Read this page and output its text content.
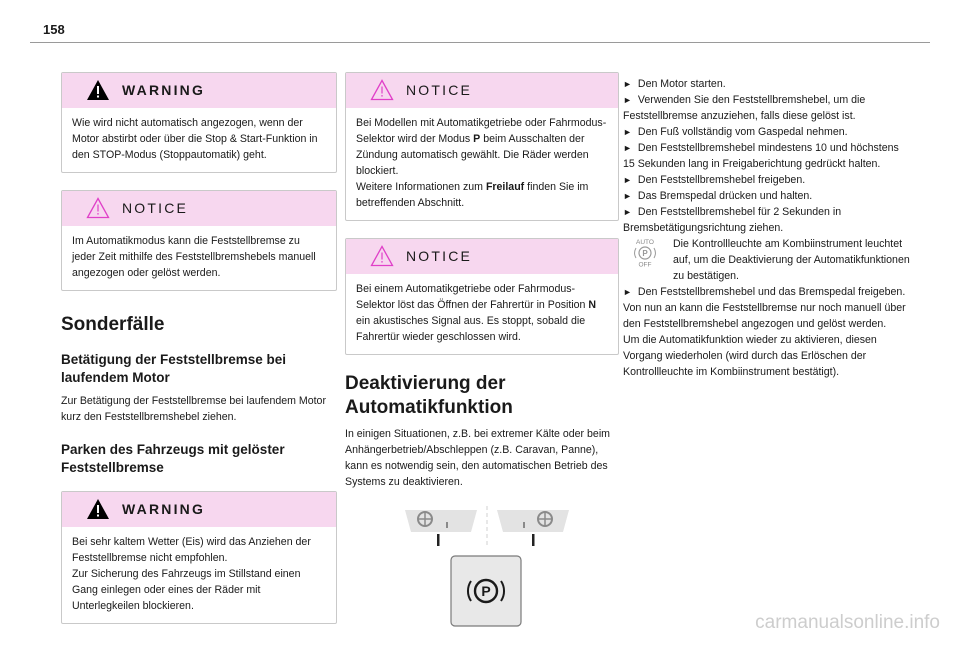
158
WARNING

Wie wird nicht automatisch angezogen, wenn der Motor abstirbt oder über die Stop & Start-Funktion in den STOP-Modus (Stoppautomatik) geht.

NOTICE

Im Automatikmodus kann die Feststellbremse zu jeder Zeit mithilfe des Feststellbremshebels manuell angezogen oder gelöst werden.

Sonderfälle
Betätigung der Feststellbremse bei laufendem Motor

Zur Betätigung der Feststellbremse bei laufendem Motor kurz den Feststellbremshebel ziehen.

Parken des Fahrzeugs mit gelöster Feststellbremse
WARNING

Bei sehr kaltem Wetter (Eis) wird das Anziehen der Feststellbremse nicht empfohlen.

Zur Sicherung des Fahrzeugs im Stillstand einen Gang einlegen oder eines der Räder mit Unterlegkeilen blockieren.

NOTICE

Bei Modellen mit Automatikgetriebe oder Fahrmodus-Selektor wird der Modus P beim Ausschalten der Zündung automatisch gewählt. Die Räder werden blockiert.

Weitere Informationen zum Freilauf finden Sie im betreffenden Abschnitt.

NOTICE

Bei einem Automatikgetriebe oder Fahrmodus-Selektor löst das Öffnen der Fahrertür in Position N ein akustisches Signal aus. Es stoppt, sobald die Fahrertür wieder geschlossen wird.

Deaktivierung der Automatikfunktion

In einigen Situationen, z.B. bei extremer Kälte oder beim Anhängerbetrieb/Abschleppen (z.B. Caravan, Panne), kann es notwendig sein, den automatischen Betrieb des Systems zu deaktivieren.

P

► Den Motor starten.

► Verwenden Sie den Feststellbremshebel, um die Feststellbremse anzuziehen, falls diese gelöst ist.

► Den Fuß vollständig vom Gaspedal nehmen.

► Den Feststellbremshebel mindestens 10 und höchstens 15 Sekunden lang in Freigaberichtung gedrückt halten.

► Den Feststellbremshebel freigeben.

► Das Bremspedal drücken und halten.

► Den Feststellbremshebel für 2 Sekunden in Bremsbetätigungsrichtung ziehen.

AUTO
P
OFF

Die Kontrollleuchte am Kombiinstrument leuchtet auf, um die Deaktivierung der Automatikfunktionen zu bestätigen.

► Den Feststellbremshebel und das Bremspedal freigeben.

Von nun an kann die Feststellbremse nur noch manuell über den Feststellbremshebel angezogen und gelöst werden.

Um die Automatikfunktion wieder zu aktivieren, diesen Vorgang wiederholen (wird durch das Erlöschen der Kontrollleuchte im Kombiinstrument bestätigt).

carmanualsonline.info
